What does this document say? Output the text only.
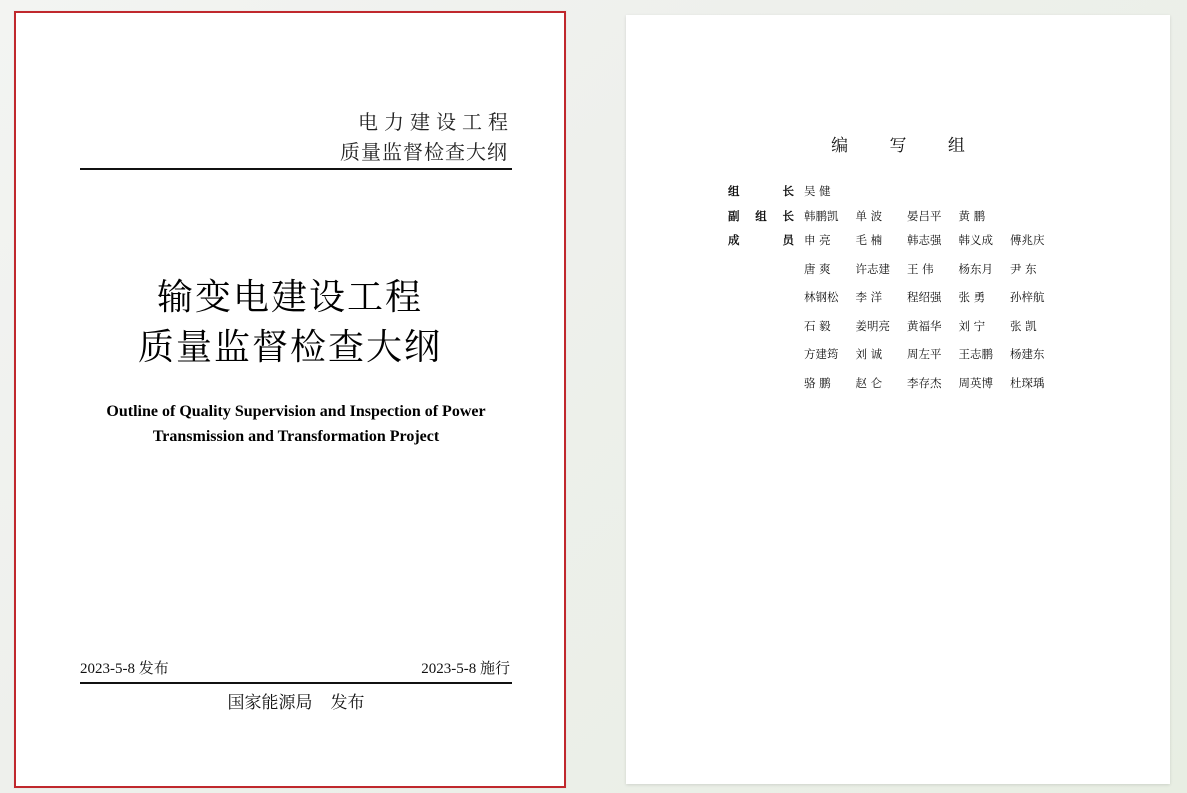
电力建设工程
质量监督检查大纲
输变电建设工程
质量监督检查大纲
Outline of Quality Supervision and Inspection of Power
Transmission and Transformation Project
2023-5-8 发布	2023-5-8 施行
国家能源局 发布
编 写 组
组	长 吴 健
副 组 长 韩鹏凯	单 波	晏吕平	黄 鹏
成	员 申 亮	毛 楠	韩志强	韩义成	傅兆庆
唐 爽	许志建	王 伟	杨东月	尹 东
林钢松	李 洋	程绍强	张 勇	孙梓航
石 毅	姜明亮	黄福华	刘 宁	张 凯
方建筠	刘 诚	周左平	王志鹏	杨建东
骆 鹏	赵 仑	李存杰	周英博	杜琛瑀
